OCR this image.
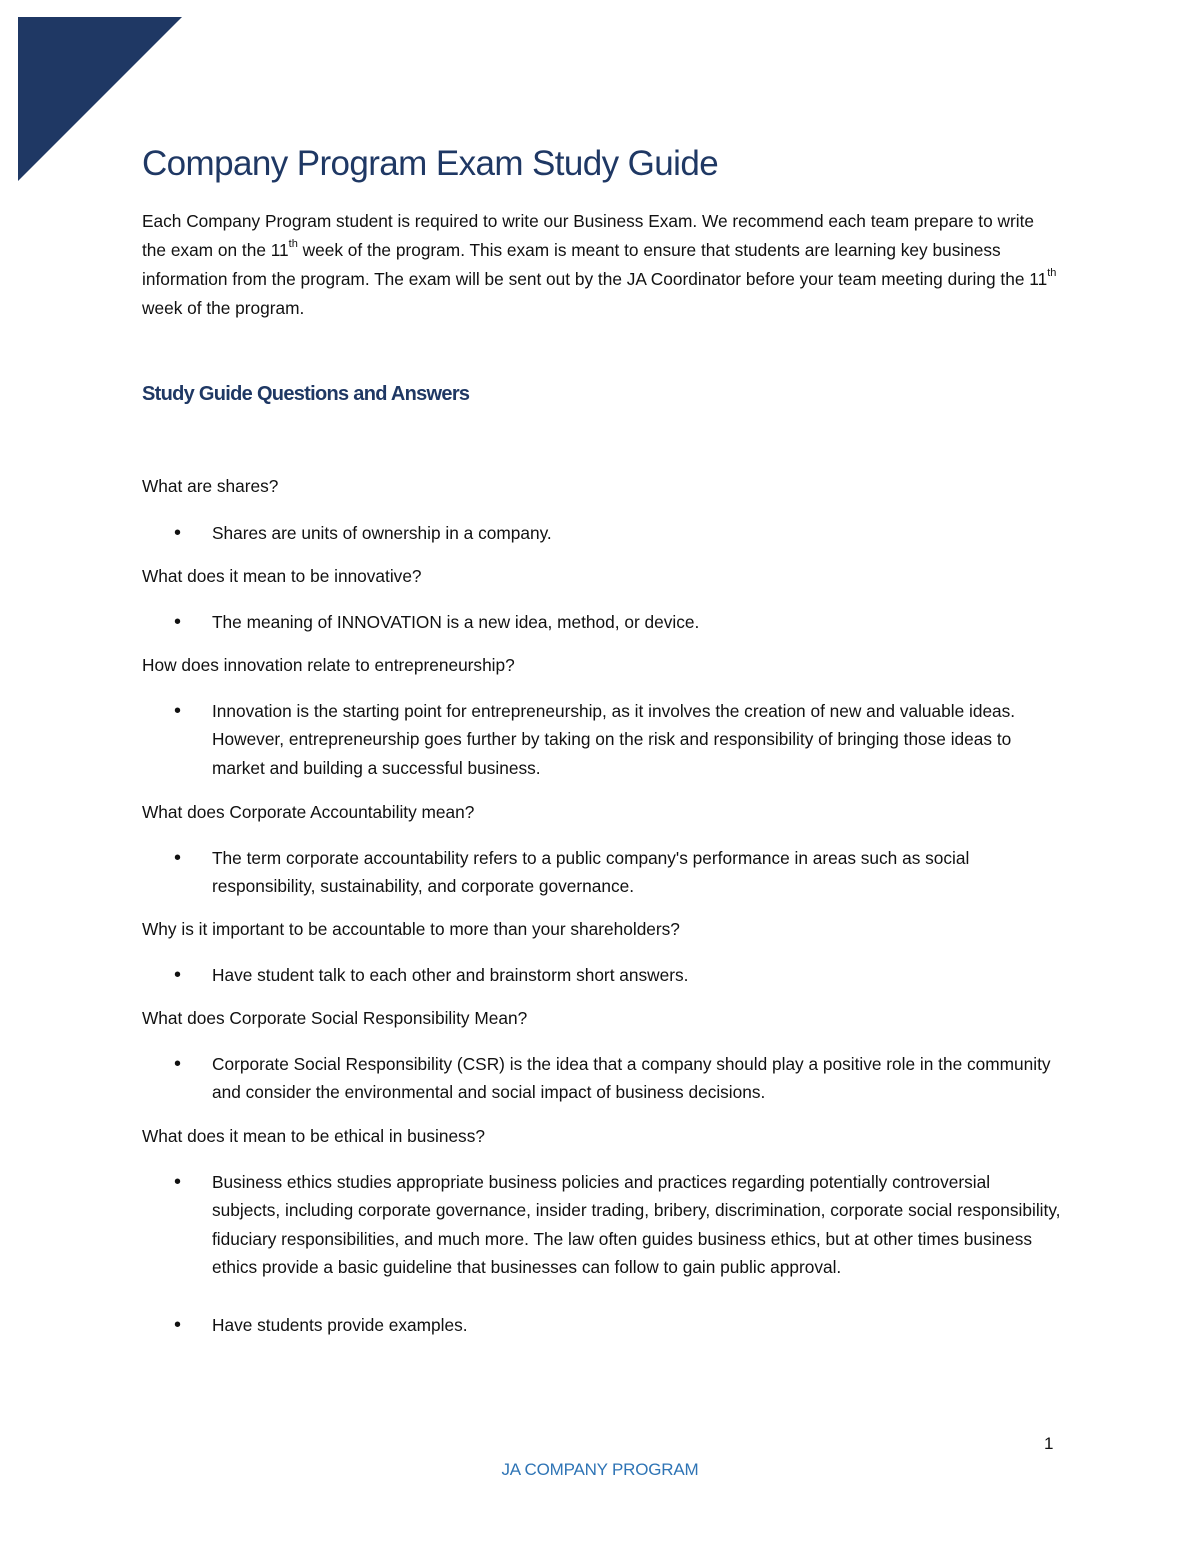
Company Program Exam Study Guide

Each Company Program student is required to write our Business Exam. We recommend each team prepare to write the exam on the 11th week of the program. This exam is meant to ensure that students are learning key business information from the program. The exam will be sent out by the JA Coordinator before your team meeting during the 11th week of the program.

Study Guide Questions and Answers

What are shares?

• Shares are units of ownership in a company.

What does it mean to be innovative?

• The meaning of INNOVATION is a new idea, method, or device.

How does innovation relate to entrepreneurship?

• Innovation is the starting point for entrepreneurship, as it involves the creation of new and valuable ideas. However, entrepreneurship goes further by taking on the risk and responsibility of bringing those ideas to market and building a successful business.

What does Corporate Accountability mean?

• The term corporate accountability refers to a public company's performance in areas such as social responsibility, sustainability, and corporate governance.

Why is it important to be accountable to more than your shareholders?

• Have student talk to each other and brainstorm short answers.

What does Corporate Social Responsibility Mean?

• Corporate Social Responsibility (CSR) is the idea that a company should play a positive role in the community and consider the environmental and social impact of business decisions.

What does it mean to be ethical in business?

• Business ethics studies appropriate business policies and practices regarding potentially controversial subjects, including corporate governance, insider trading, bribery, discrimination, corporate social responsibility, fiduciary responsibilities, and much more. The law often guides business ethics, but at other times business ethics provide a basic guideline that businesses can follow to gain public approval.

• Have students provide examples.

1

JA COMPANY PROGRAM
